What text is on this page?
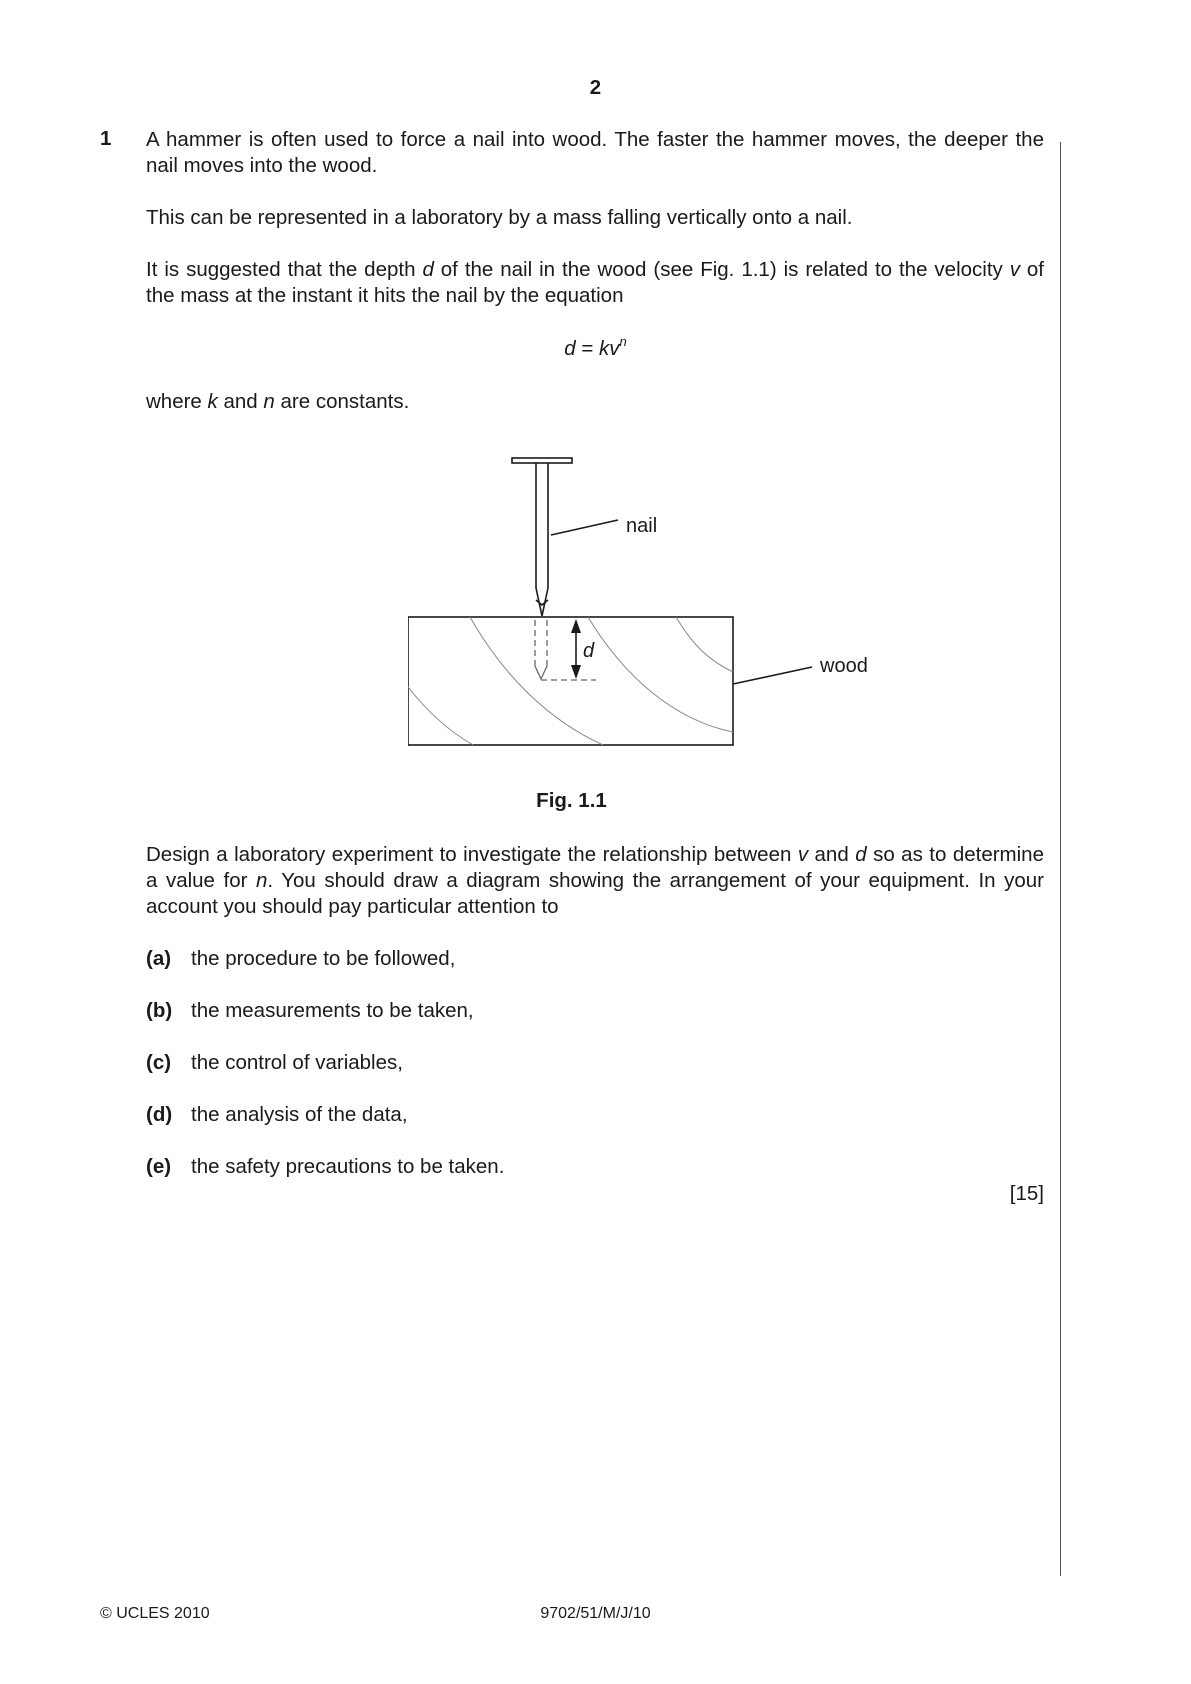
2
1 A hammer is often used to force a nail into wood. The faster the hammer moves, the deeper the nail moves into the wood.
This can be represented in a laboratory by a mass falling vertically onto a nail.
It is suggested that the depth d of the nail in the wood (see Fig. 1.1) is related to the velocity v of the mass at the instant it hits the nail by the equation
$d = kv^n$
where k and n are constants.
nail
d
wood
Fig. 1.1
Design a laboratory experiment to investigate the relationship between v and d so as to determine a value for n. You should draw a diagram showing the arrangement of your equipment. In your account you should pay particular attention to
(a) the procedure to be followed,
(b) the measurements to be taken,
(c) the control of variables,
(d) the analysis of the data,
(e) the safety precautions to be taken.
[15]
© UCLES 2010	9702/51/M/J/10
